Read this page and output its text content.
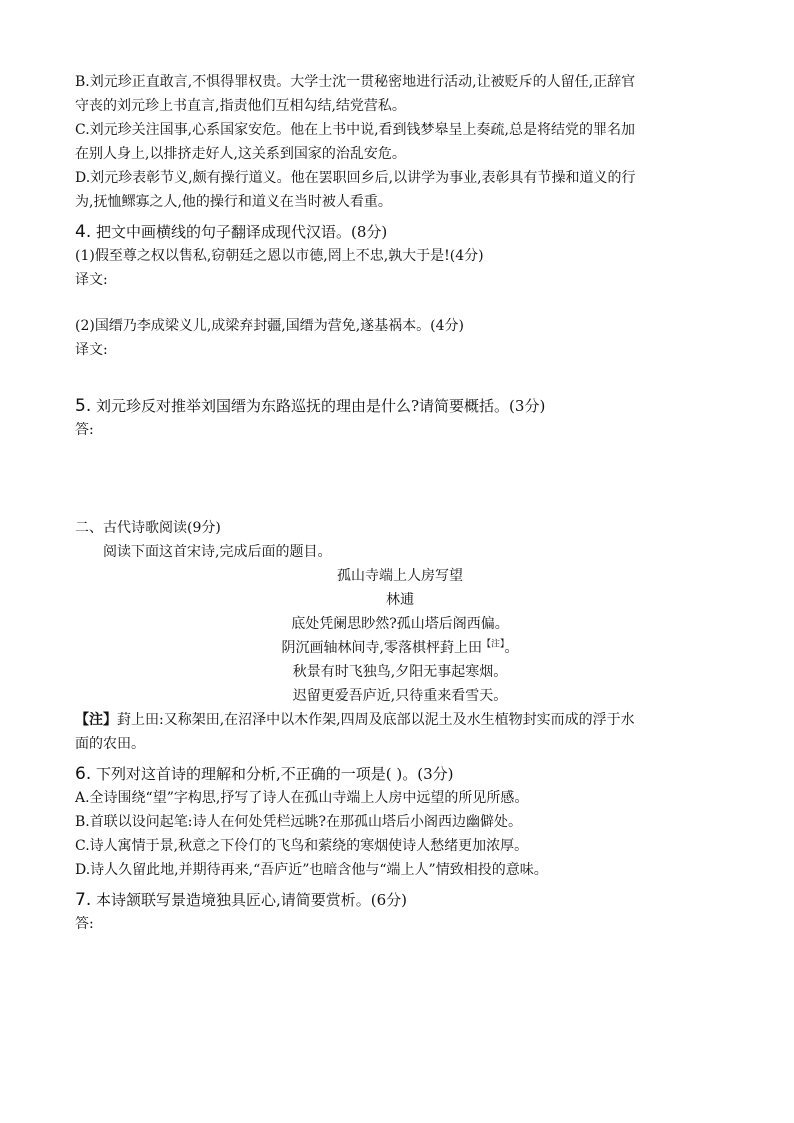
B.刘元珍正直敢言,不惧得罪权贵。大学士沈一贯秘密地进行活动,让被贬斥的人留任,正辞官
守丧的刘元珍上书直言,指责他们互相勾结,结党营私。
C.刘元珍关注国事,心系国家安危。他在上书中说,看到钱梦皋呈上奏疏,总是将结党的罪名加
在别人身上,以排挤走好人,这关系到国家的治乱安危。
D.刘元珍表彰节义,颇有操行道义。他在罢职回乡后,以讲学为事业,表彰具有节操和道义的行
为,抚恤鳏寡之人,他的操行和道义在当时被人看重。
4. 把文中画横线的句子翻译成现代汉语。(8分)
(1)假至尊之权以售私,窃朝廷之恩以市德,罔上不忠,孰大于是!(4分)
译文:
(2)国缙乃李成梁义儿,成梁弃封疆,国缙为营免,遂基祸本。(4分)
译文:
5. 刘元珍反对推举刘国缙为东路巡抚的理由是什么?请简要概括。(3分)
答:
二、古代诗歌阅读(9分)
阅读下面这首宋诗,完成后面的题目。
孤山寺端上人房写望
林逋
底处凭阑思眇然?孤山塔后阁西偏。
阴沉画轴林间寺,零落棋枰葑上田$^{【注】}$。
秋景有时飞独鸟,夕阳无事起寒烟。
迟留更爱吾庐近,只待重来看雪天。
【注】葑上田:又称架田,在沼泽中以木作架,四周及底部以泥土及水生植物封实而成的浮于水
面的农田。
6. 下列对这首诗的理解和分析,不正确的一项是( )。(3分)
A.全诗围绕“望”字构思,抒写了诗人在孤山寺端上人房中远望的所见所感。
B.首联以设问起笔:诗人在何处凭栏远眺?在那孤山塔后小阁西边幽僻处。
C.诗人寓情于景,秋意之下伶仃的飞鸟和萦绕的寒烟使诗人愁绪更加浓厚。
D.诗人久留此地,并期待再来,“吾庐近”也暗含他与“端上人”情致相投的意味。
7. 本诗颔联写景造境独具匠心,请简要赏析。(6分)
答:
